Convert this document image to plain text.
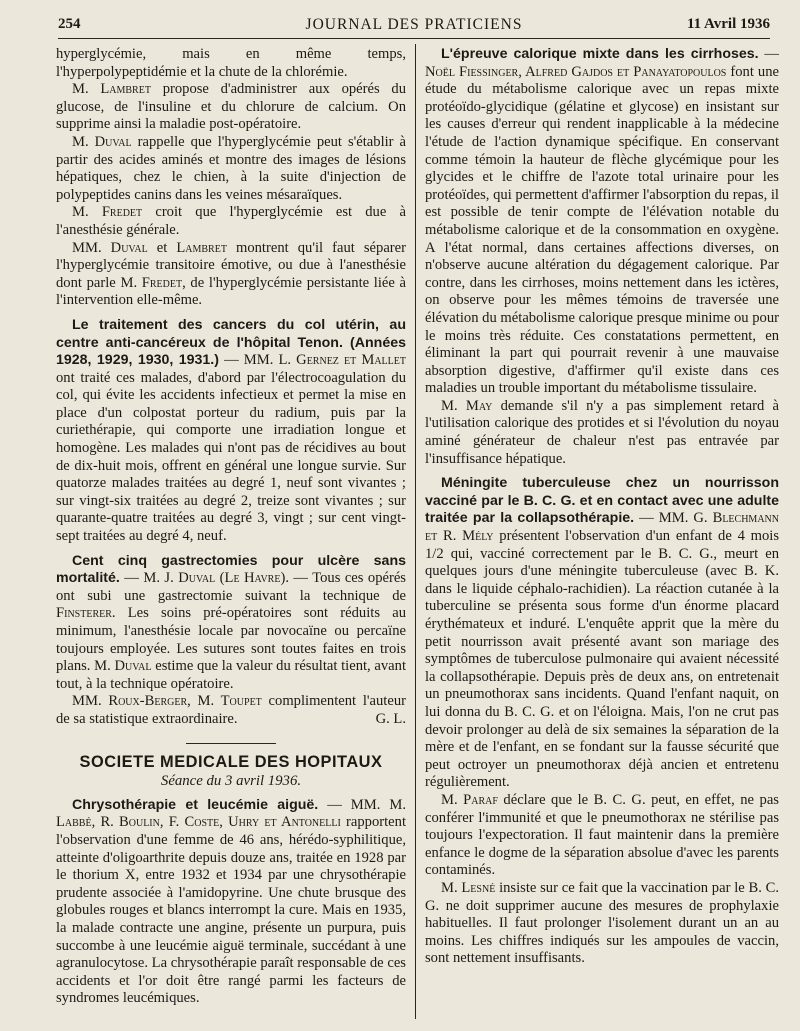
254	JOURNAL DES PRATICIENS	11 Avril 1936

hyperglycémie, mais en même temps, l'hyperpolypeptidémie et la chute de la chlorémie.

M. Lambret propose d'administrer aux opérés du glucose, de l'insuline et du chlorure de calcium. On supprime ainsi la maladie post-opératoire.

M. Duval rappelle que l'hyperglycémie peut s'établir à partir des acides aminés et montre des images de lésions hépatiques, chez le chien, à la suite d'injection de polypeptides canins dans les veines mésaraïques.

M. Fredet croit que l'hyperglycémie est due à l'anesthésie générale.

MM. Duval et Lambret montrent qu'il faut séparer l'hyperglycémie transitoire émotive, ou due à l'anesthésie dont parle M. Fredet, de l'hyperglycémie persistante liée à l'intervention elle-même.

Le traitement des cancers du col utérin, au centre anti-cancéreux de l'hôpital Tenon. (Années 1928, 1929, 1930, 1931.) — MM. L. Gernez et Mallet ont traité ces malades, d'abord par l'électrocoagulation du col, qui évite les accidents infectieux et permet la mise en place d'un colpostat porteur du radium, puis par la curiethérapie, qui comporte une irradiation longue et homogène. Les malades qui n'ont pas de récidives au bout de dix-huit mois, offrent en général une longue survie. Sur quatorze malades traitées au degré 1, neuf sont vivantes ; sur vingt-six traitées au degré 2, treize sont vivantes ; sur quarante-quatre traitées au degré 3, vingt ; sur cent vingt-sept traitées au degré 4, neuf.

Cent cinq gastrectomies pour ulcère sans mortalité. — M. J. Duval (Le Havre). — Tous ces opérés ont subi une gastrectomie suivant la technique de Finsterer. Les soins pré-opératoires sont réduits au minimum, l'anesthésie locale par novocaïne ou percaïne toujours employée. Les sutures sont toutes faites en trois plans. M. Duval estime que la valeur du résultat tient, avant tout, à la technique opératoire.

MM. Roux-Berger, M. Toupet complimentent l'auteur de sa statistique extraordinaire.	G. L.

SOCIETE MEDICALE DES HOPITAUX
Séance du 3 avril 1936.

Chrysothérapie et leucémie aiguë. — MM. M. Labbé, R. Boulin, F. Coste, Uhry et Antonelli rapportent l'observation d'une femme de 46 ans, hérédo-syphilitique, atteinte d'oligoarthrite depuis douze ans, traitée en 1928 par le thorium X, entre 1932 et 1934 par une chrysothérapie prudente associée à l'amidopyrine. Une chute brusque des globules rouges et blancs interrompt la cure. Mais en 1935, la malade contracte une angine, présente un purpura, puis succombe à une leucémie aiguë terminale, succédant à une agranulocytose. La chrysothérapie paraît responsable de ces accidents et l'or doit être rangé parmi les facteurs de syndromes leucémiques.

L'épreuve calorique mixte dans les cirrhoses. — Noël Fiessinger, Alfred Gajdos et Panayatopoulos font une étude du métabolisme calorique avec un repas mixte protéoïdo-glycidique (gélatine et glycose) en insistant sur les causes d'erreur qui rendent inapplicable à la médecine l'étude de l'action dynamique spécifique. En conservant comme témoin la hauteur de flèche glycémique pour les glycides et le chiffre de l'azote total urinaire pour les protéoïdes, qui permettent d'affirmer l'absorption du repas, il est possible de tenir compte de l'élévation notable du métabolisme calorique et de la consommation en oxygène. A l'état normal, dans certaines affections diverses, on n'observe aucune altération du dégagement calorique. Par contre, dans les cirrhoses, moins nettement dans les ictères, on observe pour les mêmes témoins de traversée une élévation du métabolisme calorique presque minime ou pour le moins très réduite. Ces constatations permettent, en éliminant la part qui pourrait revenir à une mauvaise absorption digestive, d'affirmer qu'il existe dans ces maladies un trouble important du métabolisme tissulaire.

M. May demande s'il n'y a pas simplement retard à l'utilisation calorique des protides et si l'évolution du noyau aminé générateur de chaleur n'est pas entravée par l'insuffisance hépatique.

Méningite tuberculeuse chez un nourrisson vacciné par le B. C. G. et en contact avec une adulte traitée par la collapsothérapie. — MM. G. Blechmann et R. Mély présentent l'observation d'un enfant de 4 mois 1/2 qui, vacciné correctement par le B. C. G., meurt en quelques jours d'une méningite tuberculeuse (avec B. K. dans le liquide céphalo-rachidien). La réaction cutanée à la tuberculine se présenta sous forme d'un énorme placard érythémateux et induré. L'enquête apprit que la mère du petit nourrisson avait présenté avant son mariage des symptômes de tuberculose pulmonaire qui avaient nécessité la collapsothérapie. Depuis près de deux ans, on entretenait un pneumothorax sans incidents. Quand l'enfant naquit, on lui donna du B. C. G. et on l'éloigna. Mais, l'on ne crut pas devoir prolonger au delà de six semaines la séparation de la mère et de l'enfant, en se fondant sur la fausse sécurité que peut octroyer un pneumothorax déjà ancien et entretenu régulièrement.

M. Paraf déclare que le B. C. G. peut, en effet, ne pas conférer l'immunité et que le pneumothorax ne stérilise pas toujours l'expectoration. Il faut maintenir dans la première enfance le dogme de la séparation absolue d'avec les parents contaminés.

M. Lesné insiste sur ce fait que la vaccination par le B. C. G. ne doit supprimer aucune des mesures de prophylaxie habituelles. Il faut prolonger l'isolement durant un an au moins. Les chiffres indiqués sur les ampoules de vaccin, sont nettement insuffisants.
